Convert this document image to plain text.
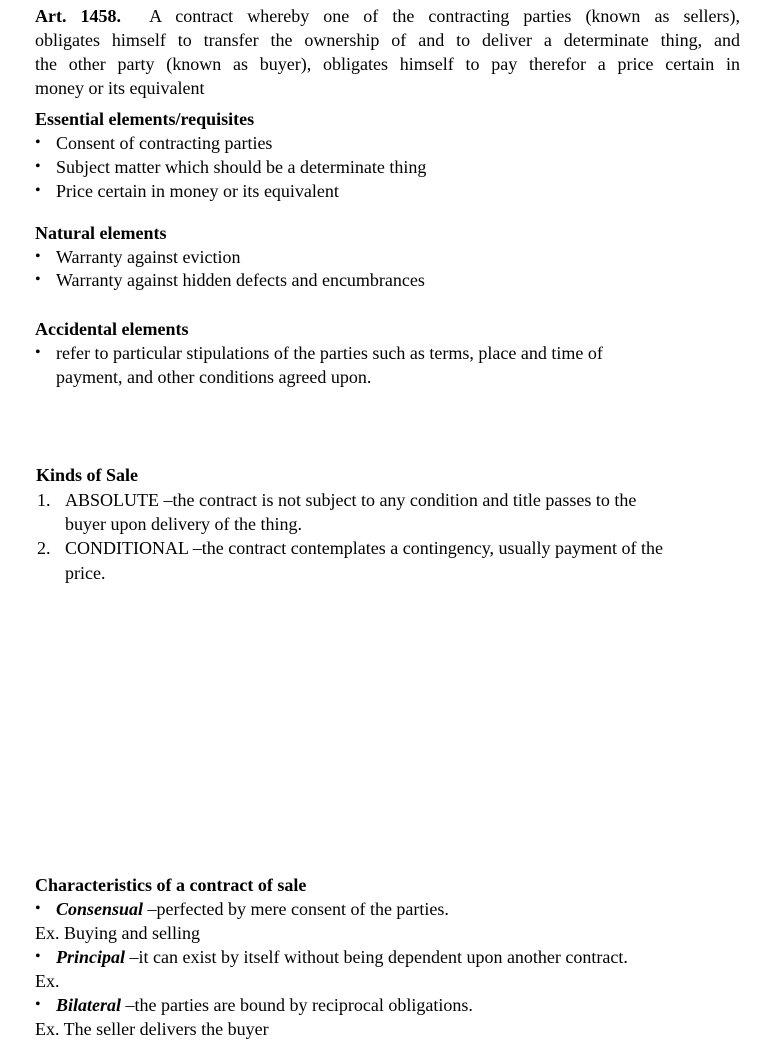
Art. 1458. A contract whereby one of the contracting parties (known as sellers),
obligates himself to transfer the ownership of and to deliver a determinate thing, and
the other party (known as buyer), obligates himself to pay therefor a price certain in
money or its equivalent
Essential elements/requisites
• Consent of contracting parties
• Subject matter which should be a determinate thing
• Price certain in money or its equivalent
Natural elements
• Warranty against eviction
• Warranty against hidden defects and encumbrances
Accidental elements
• refer to particular stipulations of the parties such as terms, place and time of
payment, and other conditions agreed upon.
Kinds of Sale
1. ABSOLUTE –the contract is not subject to any condition and title passes to the
buyer upon delivery of the thing.
2. CONDITIONAL –the contract contemplates a contingency, usually payment of the
price.
Characteristics of a contract of sale
• Consensual –perfected by mere consent of the parties.
Ex. Buying and selling
• Principal –it can exist by itself without being dependent upon another contract.
Ex.
• Bilateral –the parties are bound by reciprocal obligations.
Ex. The seller delivers the buyer
